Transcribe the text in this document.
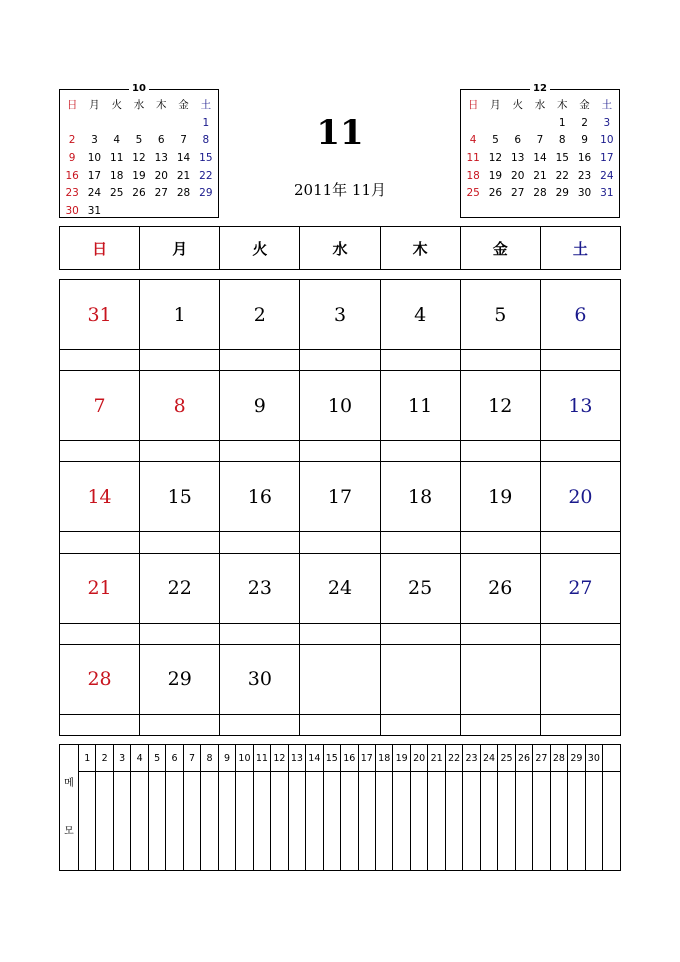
10
日	月	火	水	木	金	土
						1
2	3	4	5	6	7	8
9	10	11	12	13	14	15
16	17	18	19	20	21	22
23	24	25	26	27	28	29
30	31					
12
日	月	火	水	木	金	土
				1	2	3
4	5	6	7	8	9	10
11	12	13	14	15	16	17
18	19	20	21	22	23	24
25	26	27	28	29	30	31
11
2011年 11月
日	月	火	水	木	金	土
31	1	2	3	4	5	6

7	8	9	10	11	12	13

14	15	16	17	18	19	20

21	22	23	24	25	26	27

28	29	30				

메
모	1	2	3	4	5	6	7	8	9	10	11	12	13	14	15	16	17	18	19	20	21	22	23	24	25	26	27	28	29	30	
